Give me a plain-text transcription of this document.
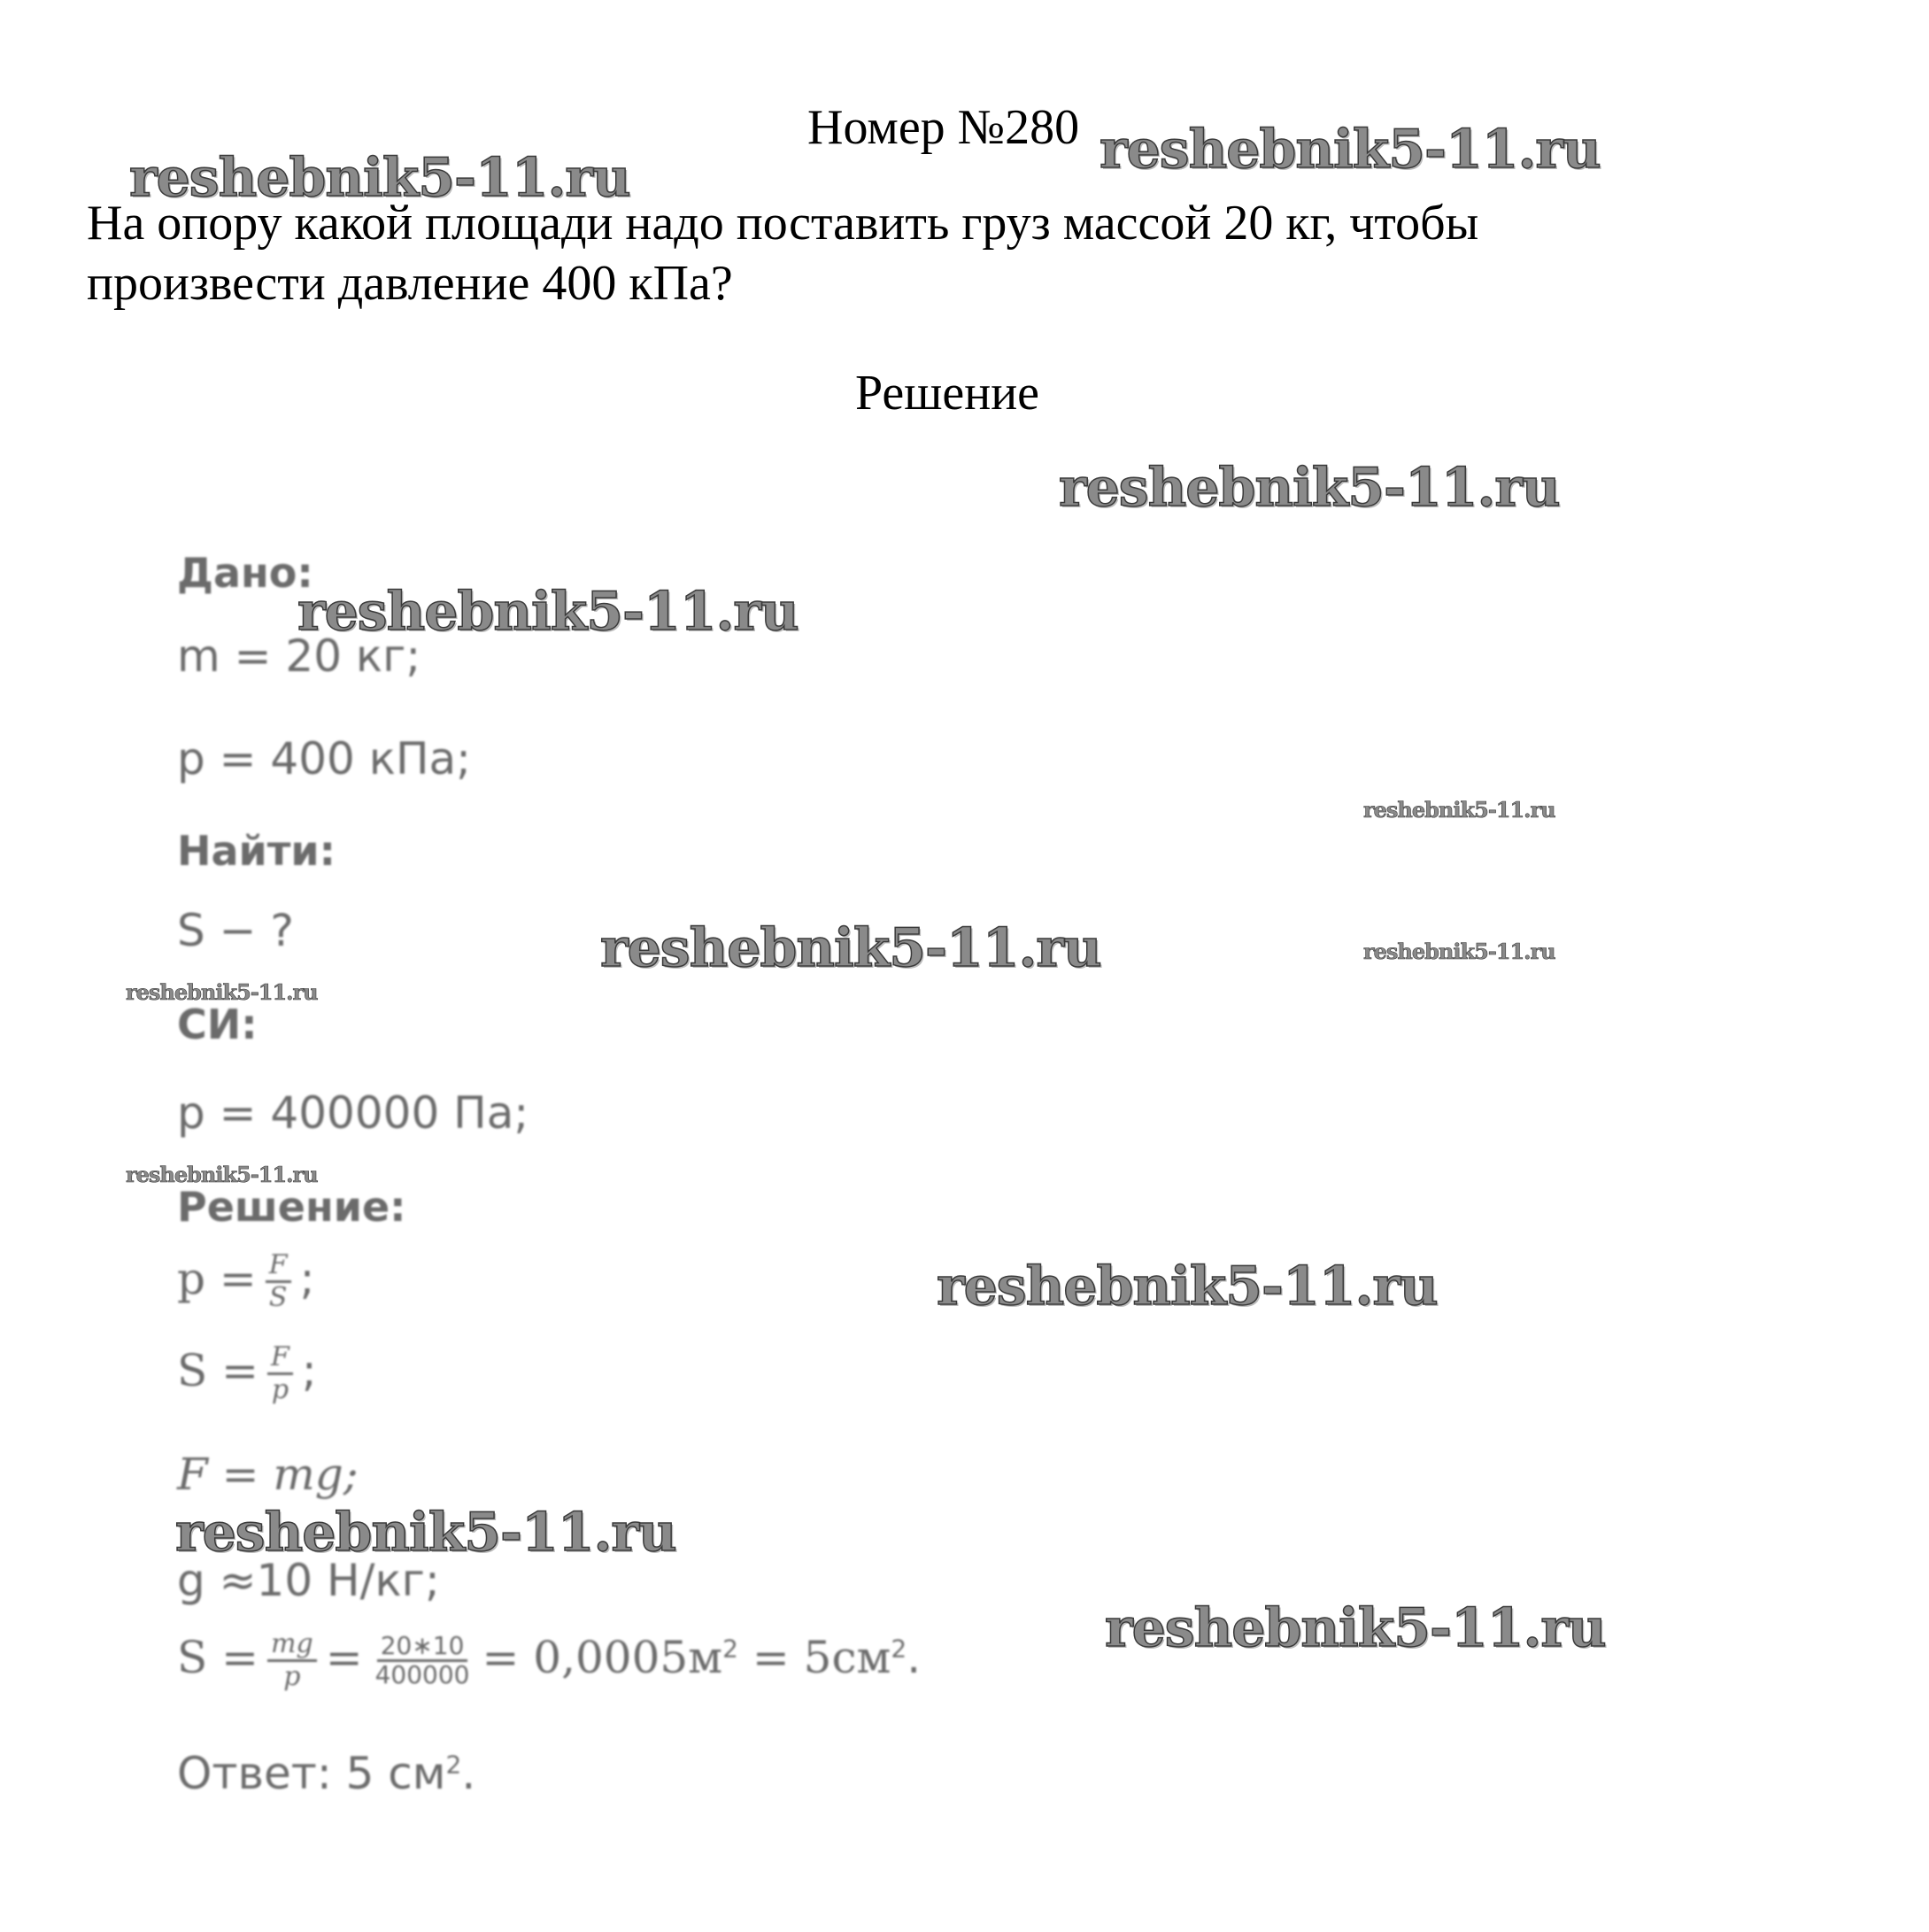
Номер №280
На опору какой площади надо поставить груз массой 20 кг, чтобы произвести давление 400 кПа?
Решение
Дано:
m = 20 кг;
p = 400 кПа;
Найти:
S − ?
СИ:
p = 400000 Па;
Решение:
$p = \frac{F}{S}$ ;
$S = \frac{F}{p}$ ;
F = mg;
g ≈10 Н/кг;
$S = \frac{mg}{p} = \frac{20∗10}{400000} = 0,0005м^2 = 5см^2$.
Ответ: 5 $см^2$.
reshebnik5-11.ru
reshebnik5-11.ru
reshebnik5-11.ru
reshebnik5-11.ru
reshebnik5-11.ru
reshebnik5-11.ru	reshebnik5-11.ru
reshebnik5-11.ru
reshebnik5-11.ru
reshebnik5-11.ru
reshebnik5-11.ru
reshebnik5-11.ru
